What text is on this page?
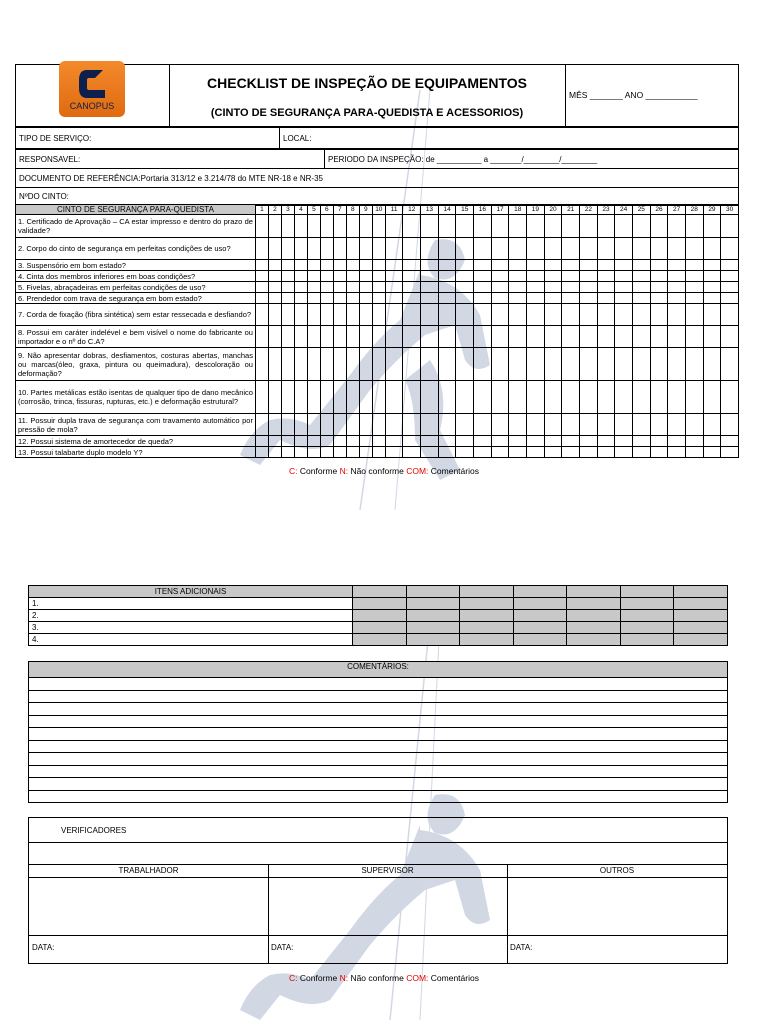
CANOPUS
CHECKLIST DE INSPEÇÃO DE EQUIPAMENTOS
(CINTO DE SEGURANÇA PARA-QUEDISTA E ACESSORIOS)
MÊS _______ ANO ___________
TIPO DE SERVIÇO:	LOCAL:
RESPONSAVEL:	PERIODO DA INSPEÇÃO: de __________ a _______/________/________
DOCUMENTO DE REFERÊNCIA:Portaria 313/12 e 3.214/78 do MTE NR-18 e NR-35
NºDO CINTO:
CINTO DE SEGURANÇA PARA-QUEDISTA	1	2	3	4	5	6	7	8	9	10	11	12	13	14	15	16	17	18	19	20	21	22	23	24	25	26	27	28	29	30
1. Certificado de Aprovação – CA estar impresso e dentro do prazo de validade?																														
2. Corpo do cinto de segurança em perfeitas condições de uso?																														
3. Suspensório em bom estado?																														
4. Cinta dos membros inferiores em boas condições?																														
5. Fivelas, abraçadeiras em perfeitas condições de uso?																														
6. Prendedor com trava de segurança em bom estado?																														
7. Corda de fixação (fibra sintética) sem estar ressecada e desfiando?																														
8. Possui em caráter indelével e bem visível o nome do fabricante ou importador e o nº do C.A?																														
9. Não apresentar dobras, desfiamentos, costuras abertas, manchas ou marcas(óleo, graxa, pintura ou queimadura), descoloração ou deformação?																														
10. Partes metálicas estão isentas de qualquer tipo de dano mecânico (corrosão, trinca, fissuras, rupturas, etc.) e deformação estrutural?																														
11. Possuir dupla trava de segurança com travamento automático por pressão de mola?																														
12. Possui sistema de amortecedor de queda?																														
13. Possui talabarte duplo modelo Y?																														
C: Conforme N: Não conforme COM: Comentários
ITENS ADICIONAIS							
1.							
2.							
3.							
4.							
COMENTÁRIOS:

VERIFICADORES
TRABALHADOR	SUPERVISOR	OUTROS
DATA:	DATA:	DATA:
C: Conforme N: Não conforme COM: Comentários
